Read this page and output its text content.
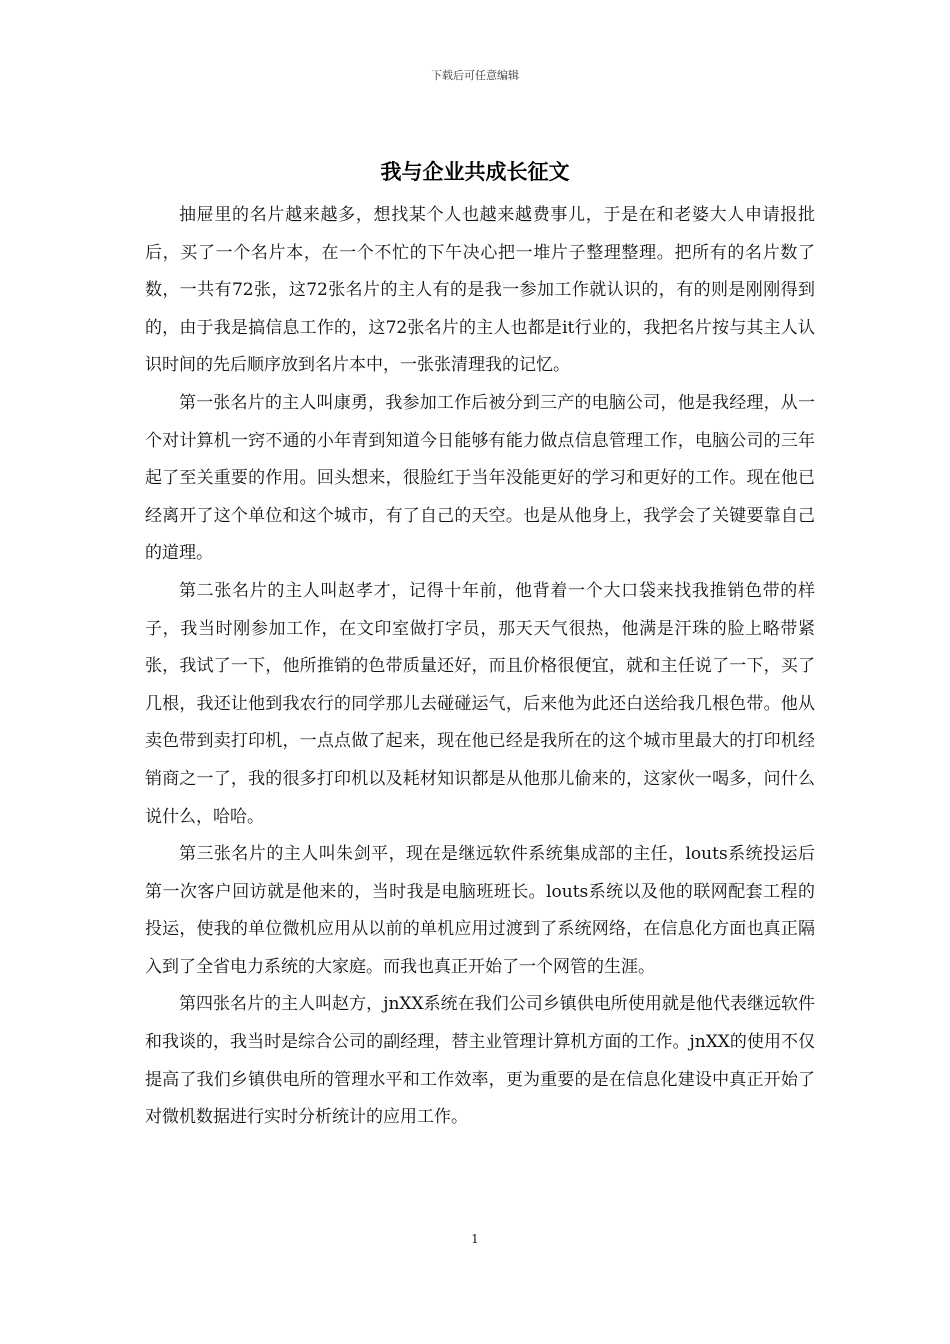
下载后可任意编辑
我与企业共成长征文

抽屉里的名片越来越多，想找某个人也越来越费事儿，于是在和老婆大人申请报批后，买了一个名片本，在一个不忙的下午决心把一堆片子整理整理。把所有的名片数了数，一共有72张，这72张名片的主人有的是我一参加工作就认识的，有的则是刚刚得到的，由于我是搞信息工作的，这72张名片的主人也都是it行业的，我把名片按与其主人认识时间的先后顺序放到名片本中，一张张清理我的记忆。

第一张名片的主人叫康勇，我参加工作后被分到三产的电脑公司，他是我经理，从一个对计算机一窍不通的小年青到知道今日能够有能力做点信息管理工作，电脑公司的三年起了至关重要的作用。回头想来，很脸红于当年没能更好的学习和更好的工作。现在他已经离开了这个单位和这个城市，有了自己的天空。也是从他身上，我学会了关键要靠自己的道理。

第二张名片的主人叫赵孝才，记得十年前，他背着一个大口袋来找我推销色带的样子，我当时刚参加工作，在文印室做打字员，那天天气很热，他满是汗珠的脸上略带紧张，我试了一下，他所推销的色带质量还好，而且价格很便宜，就和主任说了一下，买了几根，我还让他到我农行的同学那儿去碰碰运气，后来他为此还白送给我几根色带。他从卖色带到卖打印机，一点点做了起来，现在他已经是我所在的这个城市里最大的打印机经销商之一了，我的很多打印机以及耗材知识都是从他那儿偷来的，这家伙一喝多，问什么说什么，哈哈。

第三张名片的主人叫朱剑平，现在是继远软件系统集成部的主任，louts系统投运后第一次客户回访就是他来的，当时我是电脑班班长。louts系统以及他的联网配套工程的投运，使我的单位微机应用从以前的单机应用过渡到了系统网络，在信息化方面也真正隔入到了全省电力系统的大家庭。而我也真正开始了一个网管的生涯。

第四张名片的主人叫赵方，jnXX系统在我们公司乡镇供电所使用就是他代表继远软件和我谈的，我当时是综合公司的副经理，替主业管理计算机方面的工作。jnXX的使用不仅提高了我们乡镇供电所的管理水平和工作效率，更为重要的是在信息化建设中真正开始了对微机数据进行实时分析统计的应用工作。

1
